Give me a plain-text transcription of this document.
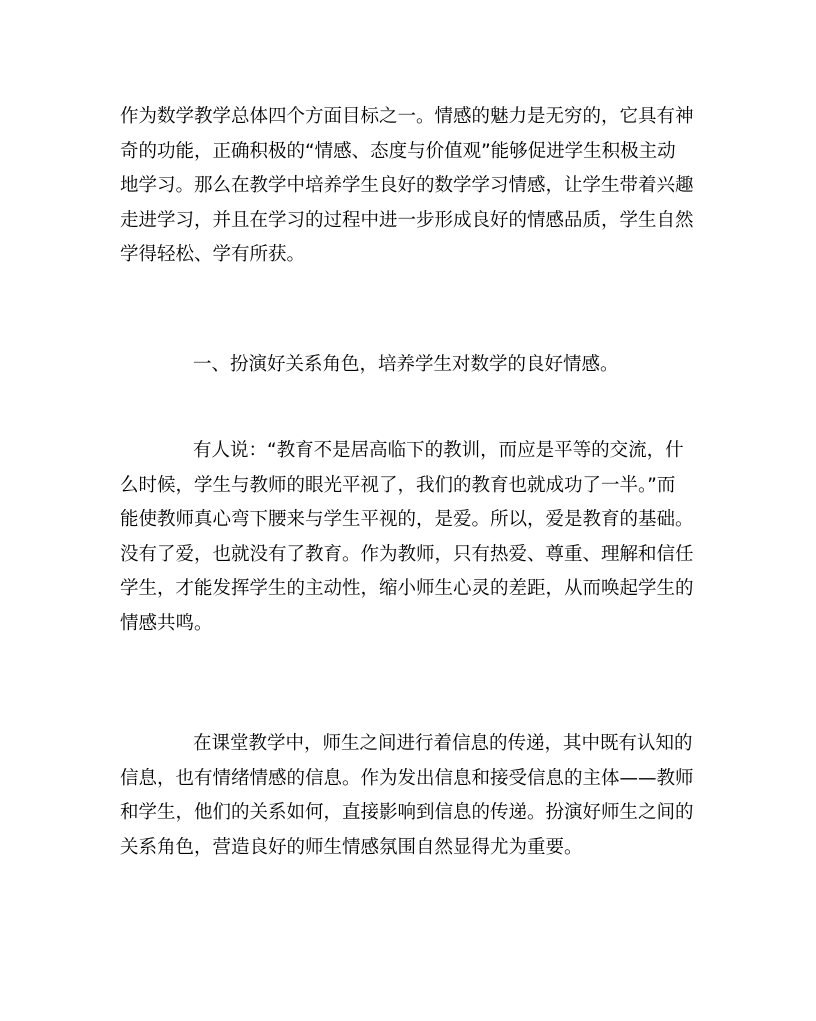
作为数学教学总体四个方面目标之一。情感的魅力是无穷的，它具有神
奇的功能，正确积极的“情感、态度与价值观”能够促进学生积极主动
地学习。那么在教学中培养学生良好的数学学习情感，让学生带着兴趣
走进学习，并且在学习的过程中进一步形成良好的情感品质，学生自然
学得轻松、学有所获。
一、扮演好关系角色，培养学生对数学的良好情感。
有人说：“教育不是居高临下的教训，而应是平等的交流，什
么时候，学生与教师的眼光平视了，我们的教育也就成功了一半。”而
能使教师真心弯下腰来与学生平视的，是爱。所以，爱是教育的基础。
没有了爱，也就没有了教育。作为教师，只有热爱、尊重、理解和信任
学生，才能发挥学生的主动性，缩小师生心灵的差距，从而唤起学生的
情感共鸣。
在课堂教学中，师生之间进行着信息的传递，其中既有认知的
信息，也有情绪情感的信息。作为发出信息和接受信息的主体——教师
和学生，他们的关系如何，直接影响到信息的传递。扮演好师生之间的
关系角色，营造良好的师生情感氛围自然显得尤为重要。
